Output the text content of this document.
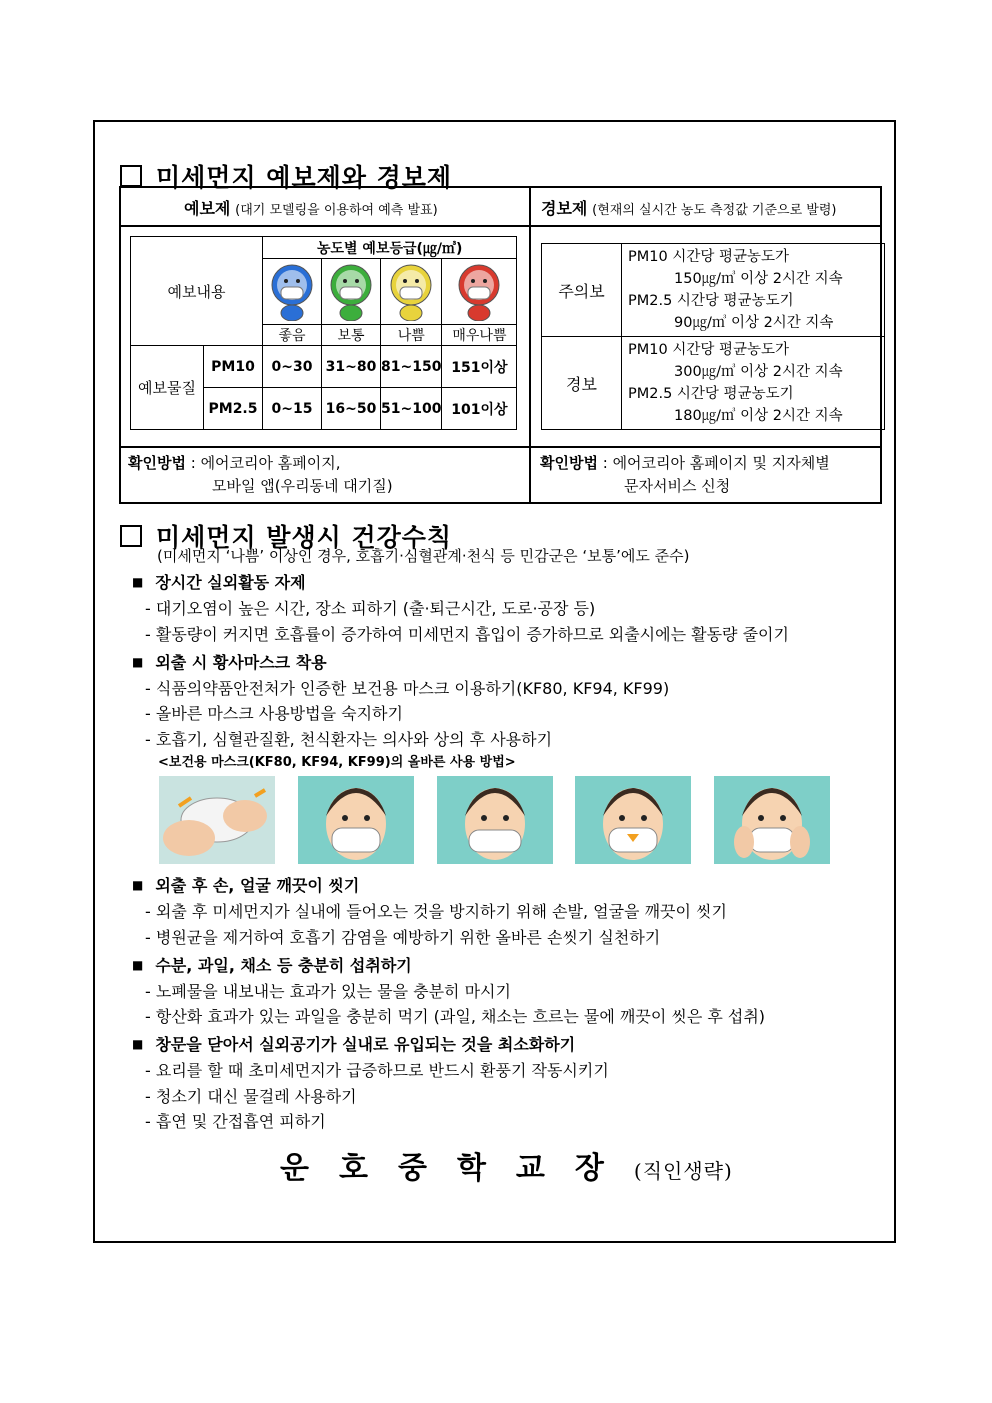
미세먼지 예보제와 경보제
예보제 (대기 모델링을 이용하여 예측 발표)	경보제 (현재의 실시간 농도 측정값 기준으로 발령)
예보내용		농도별 예보등급(㎍/㎥)			

		좋음	보통	나쁨	매우나쁨
예보물질	PM10	0~30	31~80	81~150	151이상
	PM2.5	0~15	16~50	51~100	101이상
주의보	PM10 시간당 평균농도가
150㎍/㎥ 이상 2시간 지속
PM2.5 시간당 평균농도기
90㎍/㎥ 이상 2시간 지속

경보	PM10 시간당 평균농도가
300㎍/㎥ 이상 2시간 지속
PM2.5 시간당 평균농도기
180㎍/㎥ 이상 2시간 지속
확인방법 : 에어코리아 홈페이지,
모바일 앱(우리동네 대기질)
확인방법 : 에어코리아 홈페이지 및 지자체별
문자서비스 신청
미세먼지 발생시 건강수칙
(미세먼지 ‘나쁨’ 이상인 경우, 호흡기·심혈관계·천식 등 민감군은 ‘보통’에도 준수)
■ 장시간 실외활동 자제
- 대기오염이 높은 시간, 장소 피하기 (출·퇴근시간, 도로·공장 등)
- 활동량이 커지면 호흡률이 증가하여 미세먼지 흡입이 증가하므로 외출시에는 활동량 줄이기
■ 외출 시 황사마스크 착용
- 식품의약품안전처가 인증한 보건용 마스크 이용하기(KF80, KF94, KF99)
- 올바른 마스크 사용방법을 숙지하기
- 호흡기, 심혈관질환, 천식환자는 의사와 상의 후 사용하기
<보건용 마스크(KF80, KF94, KF99)의 올바른 사용 방법>
■ 외출 후 손, 얼굴 깨끗이 씻기
- 외출 후 미세먼지가 실내에 들어오는 것을 방지하기 위해 손발, 얼굴을 깨끗이 씻기
- 병원균을 제거하여 호흡기 감염을 예방하기 위한 올바른 손씻기 실천하기
■ 수분, 과일, 채소 등 충분히 섭취하기
- 노폐물을 내보내는 효과가 있는 물을 충분히 마시기
- 항산화 효과가 있는 과일을 충분히 먹기 (과일, 채소는 흐르는 물에 깨끗이 씻은 후 섭취)
■ 창문을 닫아서 실외공기가 실내로 유입되는 것을 최소화하기
- 요리를 할 때 초미세먼지가 급증하므로 반드시 환풍기 작동시키기
- 청소기 대신 물걸레 사용하기
- 흡연 및 간접흡연 피하기
운호중학교장(직인생략)
